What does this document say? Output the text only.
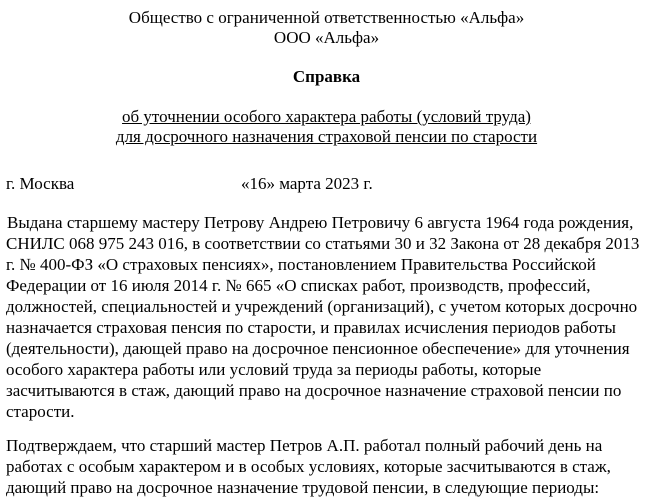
Общество с ограниченной ответственностью «Альфа»
ООО «Альфа»
Справка
об уточнении особого характера работы (условий труда)
для досрочного назначения страховой пенсии по старости
г. Москва	«16» марта 2023 г.
Выдана старшему мастеру Петрову Андрею Петровичу 6 августа 1964 года рождения,
СНИЛС 068 975 243 016, в соответствии со статьями 30 и 32 Закона от 28 декабря 2013
г. № 400-ФЗ «О страховых пенсиях», постановлением Правительства Российской
Федерации от 16 июля 2014 г. № 665 «О списках работ, производств, профессий,
должностей, специальностей и учреждений (организаций), с учетом которых досрочно
назначается страховая пенсия по старости, и правилах исчисления периодов работы
(деятельности), дающей право на досрочное пенсионное обеспечение» для уточнения
особого характера работы или условий труда за периоды работы, которые
засчитываются в стаж, дающий право на досрочное назначение страховой пенсии по
старости.
Подтверждаем, что старший мастер Петров А.П. работал полный рабочий день на
работах с особым характером и в особых условиях, которые засчитываются в стаж,
дающий право на досрочное назначение трудовой пенсии, в следующие периоды:
